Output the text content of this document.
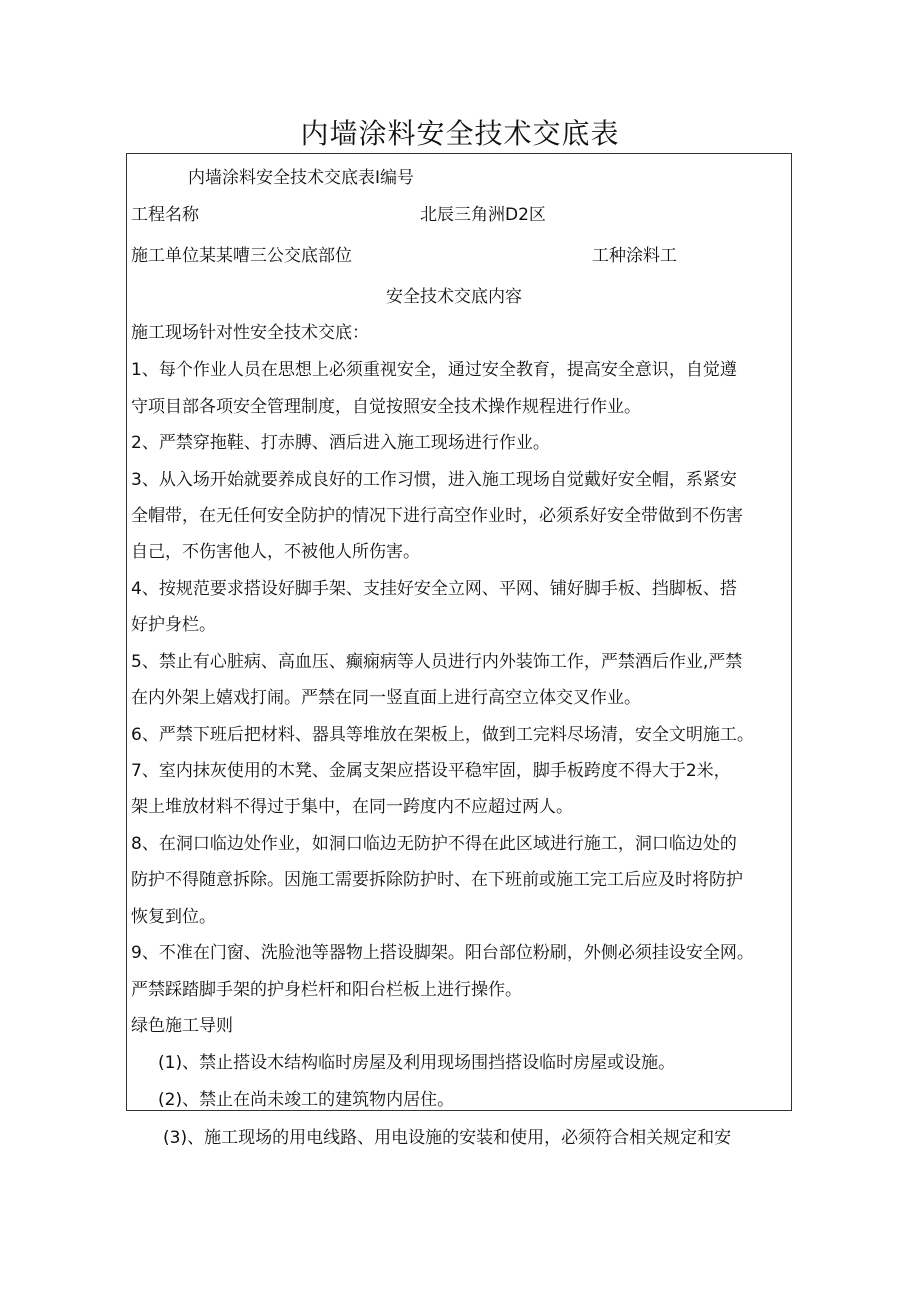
内墙涂料安全技术交底表
内墙涂料安全技术交底表Ⅰ编号
工程名称	北辰三角洲D2区
施工单位某某嘈三公交底部位	工种涂料工
安全技术交底内容
施工现场针对性安全技术交底：
1、每个作业人员在思想上必须重视安全，通过安全教育，提高安全意识，自觉遵
守项目部各项安全管理制度，自觉按照安全技术操作规程进行作业。
2、严禁穿拖鞋、打赤膊、酒后进入施工现场进行作业。
3、从入场开始就要养成良好的工作习惯，进入施工现场自觉戴好安全帽，系紧安
全帽带，在无任何安全防护的情况下进行高空作业时，必须系好安全带做到不伤害
自己，不伤害他人，不被他人所伤害。
4、按规范要求搭设好脚手架、支挂好安全立网、平网、铺好脚手板、挡脚板、搭
好护身栏。
5、禁止有心脏病、高血压、癫痫病等人员进行内外装饰工作，严禁酒后作业,严禁
在内外架上嬉戏打闹。严禁在同一竖直面上进行高空立体交叉作业。
6、严禁下班后把材料、器具等堆放在架板上，做到工完料尽场清，安全文明施工。
7、室内抹灰使用的木凳、金属支架应搭设平稳牢固，脚手板跨度不得大于2米，
架上堆放材料不得过于集中，在同一跨度内不应超过两人。
8、在洞口临边处作业，如洞口临边无防护不得在此区域进行施工，洞口临边处的
防护不得随意拆除。因施工需要拆除防护时、在下班前或施工完工后应及时将防护
恢复到位。
9、不准在门窗、洗脸池等器物上搭设脚架。阳台部位粉刷，外侧必须挂设安全网。
严禁踩踏脚手架的护身栏杆和阳台栏板上进行操作。
绿色施工导则
(1)、禁止搭设木结构临时房屋及利用现场围挡搭设临时房屋或设施。
(2)、禁止在尚未竣工的建筑物内居住。
(3)、施工现场的用电线路、用电设施的安装和使用，必须符合相关规定和安
